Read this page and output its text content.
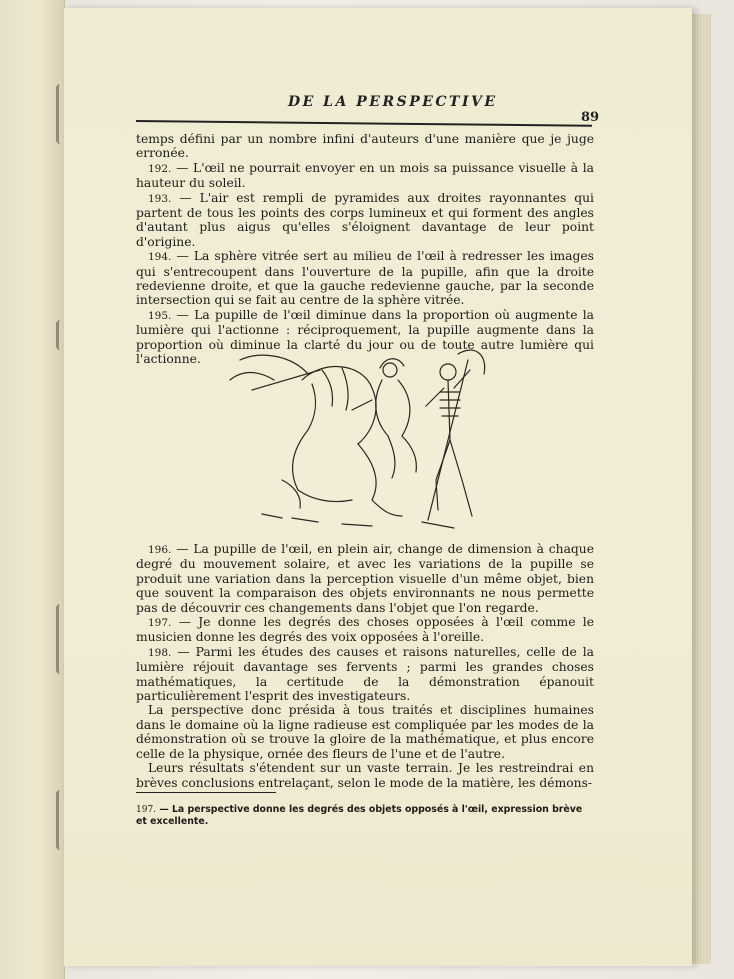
DE LA PERSPECTIVE
89

temps défini par un nombre infini d'auteurs d'une manière que je juge erronée.

192. — L'œil ne pourrait envoyer en un mois sa puissance visuelle à la hauteur du soleil.

193. — L'air est rempli de pyramides aux droites rayonnantes qui partent de tous les points des corps lumineux et qui forment des angles d'autant plus aigus qu'elles s'éloignent davantage de leur point d'origine.

194. — La sphère vitrée sert au milieu de l'œil à redresser les images qui s'entrecoupent dans l'ouverture de la pupille, afin que la droite redevienne droite, et que la gauche redevienne gauche, par la seconde intersection qui se fait au centre de la sphère vitrée.

195. — La pupille de l'œil diminue dans la proportion où augmente la lumière qui l'actionne : réciproquement, la pupille augmente dans la proportion où diminue la clarté du jour ou de toute autre lumière qui l'actionne.

196. — La pupille de l'œil, en plein air, change de dimension à chaque degré du mouvement solaire, et avec les variations de la pupille se produit une variation dans la perception visuelle d'un même objet, bien que souvent la comparaison des objets environnants ne nous permette pas de découvrir ces changements dans l'objet que l'on regarde.

197. — Je donne les degrés des choses opposées à l'œil comme le musicien donne les degrés des voix opposées à l'oreille.

198. — Parmi les études des causes et raisons naturelles, celle de la lumière réjouit davantage ses fervents ; parmi les grandes choses mathématiques, la certitude de la démonstration épanouit particulièrement l'esprit des investigateurs.

La perspective donc présida à tous traités et disciplines humaines dans le domaine où la ligne radieuse est compliquée par les modes de la démonstration où se trouve la gloire de la mathématique, et plus encore celle de la physique, ornée des fleurs de l'une et de l'autre.

Leurs résultats s'étendent sur un vaste terrain. Je les restreindrai en brèves conclusions entrelaçant, selon le mode de la matière, les démons-

197. — La perspective donne les degrés des objets opposés à l'œil, expression brève et excellente.
